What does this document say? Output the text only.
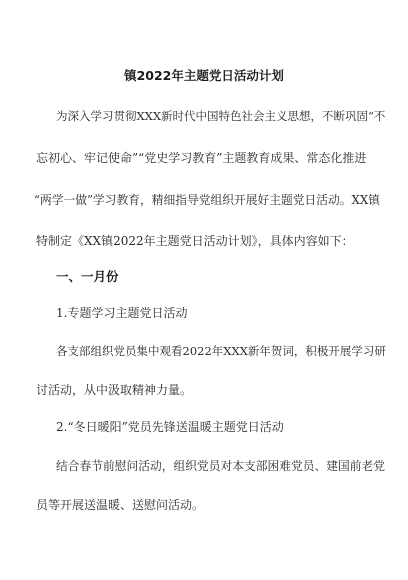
镇2022年主题党日活动计划
为深入学习贯彻XXX新时代中国特色社会主义思想，不断巩固“不
忘初心、牢记使命”“党史学习教育”主题教育成果、常态化推进
“两学一做”学习教育，精细指导党组织开展好主题党日活动。XX镇
特制定《XX镇2022年主题党日活动计划》，具体内容如下：
一、一月份
1.专题学习主题党日活动
各支部组织党员集中观看2022年XXX新年贺词，积极开展学习研
讨活动，从中汲取精神力量。
2.“冬日暖阳”党员先锋送温暖主题党日活动
结合春节前慰问活动，组织党员对本支部困难党员、建国前老党
员等开展送温暖、送慰问活动。
